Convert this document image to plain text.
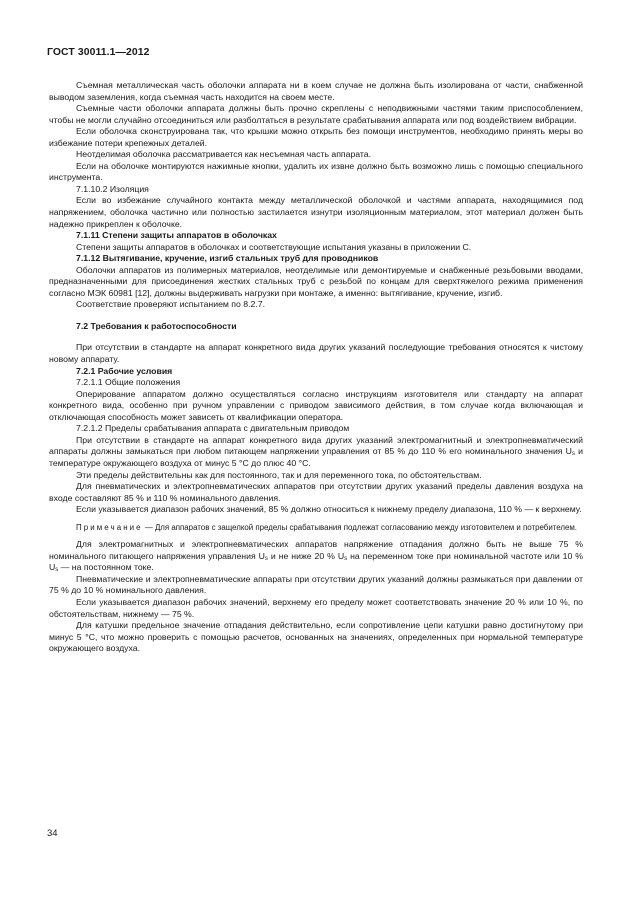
ГОСТ 30011.1—2012

Съемная металлическая часть оболочки аппарата ни в коем случае не должна быть изолирована от части, снабженной выводом заземления, когда съемная часть находится на своем месте.

Съемные части оболочки аппарата должны быть прочно скреплены с неподвижными частями таким приспособлением, чтобы не могли случайно отсоединиться или разболтаться в результате срабатывания аппарата или под воздействием вибрации.

Если оболочка сконструирована так, что крышки можно открыть без помощи инструментов, необходимо принять меры во избежание потери крепежных деталей.

Неотделимая оболочка рассматривается как несъемная часть аппарата.

Если на оболочке монтируются нажимные кнопки, удалить их извне должно быть возможно лишь с помощью специального инструмента.

7.1.10.2 Изоляция

Если во избежание случайного контакта между металлической оболочкой и частями аппарата, находящимися под напряжением, оболочка частично или полностью застилается изнутри изоляционным материалом, этот материал должен быть надежно прикреплен к оболочке.

7.1.11 Степени защиты аппаратов в оболочках

Степени защиты аппаратов в оболочках и соответствующие испытания указаны в приложении С.

7.1.12 Вытягивание, кручение, изгиб стальных труб для проводников

Оболочки аппаратов из полимерных материалов, неотделимые или демонтируемые и снабженные резьбовыми вводами, предназначенными для присоединения жестких стальных труб с резьбой по концам для сверхтяжелого режима применения согласно МЭК 60981 [12], должны выдерживать нагрузки при монтаже, а именно: вытягивание, кручение, изгиб.

Соответствие проверяют испытанием по 8.2.7.

7.2 Требования к работоспособности

При отсутствии в стандарте на аппарат конкретного вида других указаний последующие требования относятся к чистому новому аппарату.

7.2.1 Рабочие условия

7.2.1.1 Общие положения

Оперирование аппаратом должно осуществляться согласно инструкциям изготовителя или стандарту на аппарат конкретного вида, особенно при ручном управлении с приводом зависимого действия, в том случае когда включающая и отключающая способность может зависеть от квалификации оператора.

7.2.1.2 Пределы срабатывания аппарата с двигательным приводом

При отсутствии в стандарте на аппарат конкретного вида других указаний электромагнитный и электропневматический аппараты должны замыкаться при любом питающем напряжении управления от 85 % до 110 % его номинального значения $U_s$ и температуре окружающего воздуха от минус 5 °С до плюс 40 °С.

Эти пределы действительны как для постоянного, так и для переменного тока, по обстоятельствам.

Для пневматических и электропневматических аппаратов при отсутствии других указаний пределы давления воздуха на входе составляют 85 % и 110 % номинального давления.

Если указывается диапазон рабочих значений, 85 % должно относиться к нижнему пределу диапазона, 110 % — к верхнему.

Примечание — Для аппаратов с защелкой пределы срабатывания подлежат согласованию между изготовителем и потребителем.

Для электромагнитных и электропневматических аппаратов напряжение отпадания должно быть не выше 75 % номинального питающего напряжения управления $U_s$ и не ниже 20 % $U_s$ на переменном токе при номинальной частоте или 10 % $U_s$ — на постоянном токе.

Пневматические и электропневматические аппараты при отсутствии других указаний должны размыкаться при давлении от 75 % до 10 % номинального давления.

Если указывается диапазон рабочих значений, верхнему его пределу может соответствовать значение 20 % или 10 %, по обстоятельствам, нижнему — 75 %.

Для катушки предельное значение отпадания действительно, если сопротивление цепи катушки равно достигнутому при минус 5 °С, что можно проверить с помощью расчетов, основанных на значениях, определенных при нормальной температуре окружающего воздуха.

34
